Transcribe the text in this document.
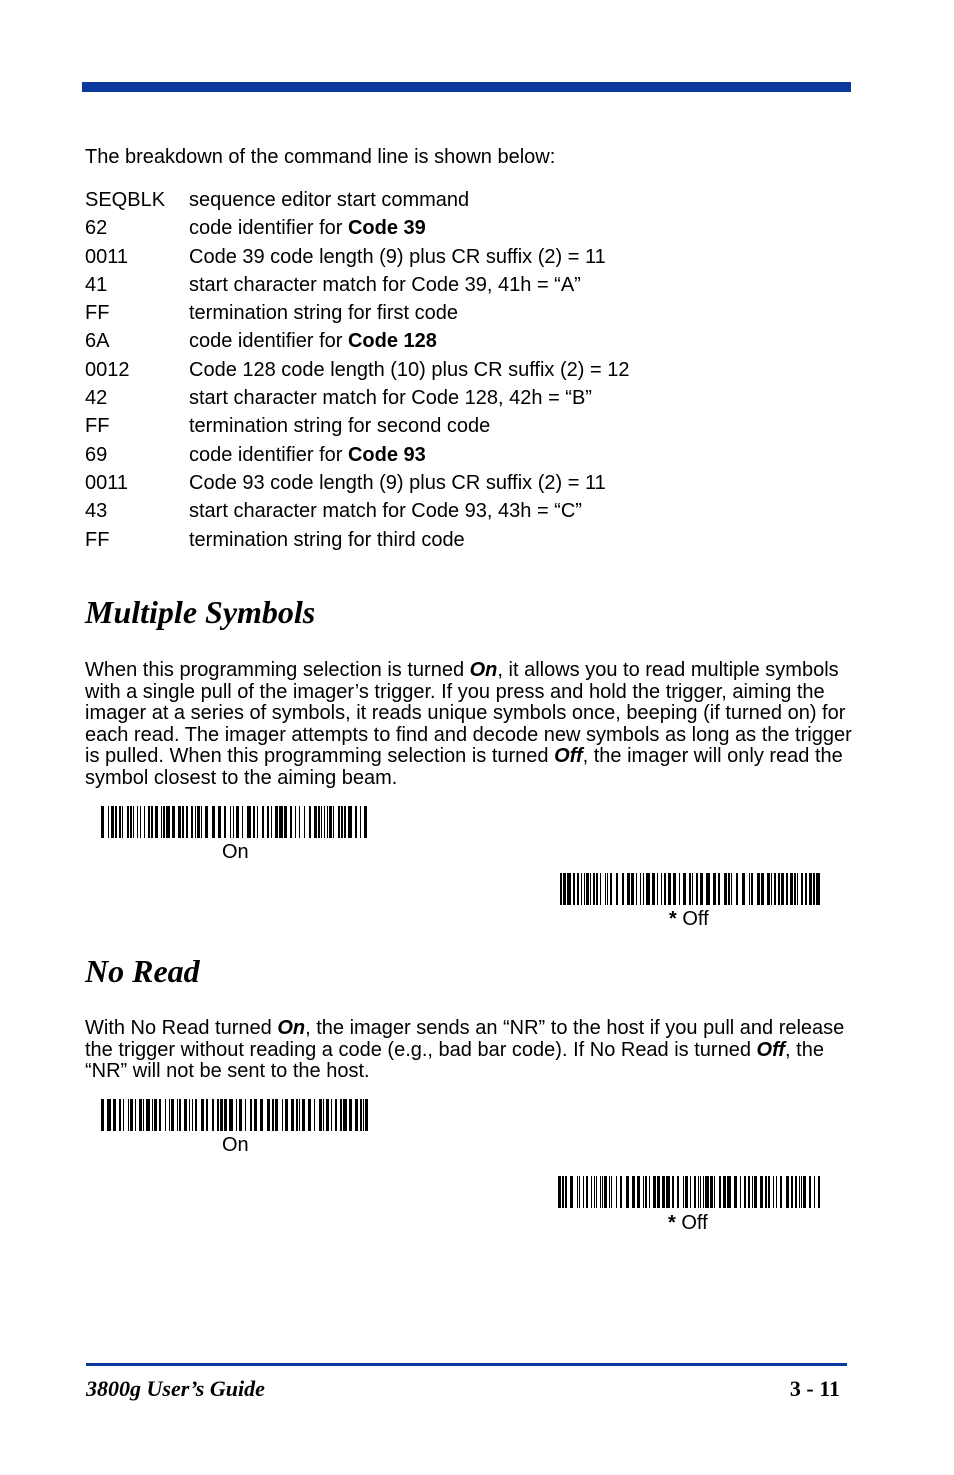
The breakdown of the command line is shown below:
SEQBLK sequence editor start command
62	code identifier for Code 39
0011	Code 39 code length (9) plus CR suffix (2) = 11
41	start character match for Code 39, 41h = “A”
FF	termination string for first code
6A	code identifier for Code 128
0012	Code 128 code length (10) plus CR suffix (2) = 12
42	start character match for Code 128, 42h = “B”
FF	termination string for second code
69	code identifier for Code 93
0011	Code 93 code length (9) plus CR suffix (2) = 11
43	start character match for Code 93, 43h = “C”
FF	termination string for third code
Multiple Symbols

When this programming selection is turned On, it allows you to read multiple symbols with a single pull of the imager’s trigger. If you press and hold the trigger, aiming the imager at a series of symbols, it reads unique symbols once, beeping (if turned on) for each read. The imager attempts to find and decode new symbols as long as the trigger is pulled. When this programming selection is turned Off, the imager will only read the symbol closest to the aiming beam.

On
* Off
No Read

With No Read turned On, the imager sends an “NR” to the host if you pull and release the trigger without reading a code (e.g., bad bar code). If No Read is turned Off, the “NR” will not be sent to the host.

On
* Off
3800g User’s Guide	3 - 11
